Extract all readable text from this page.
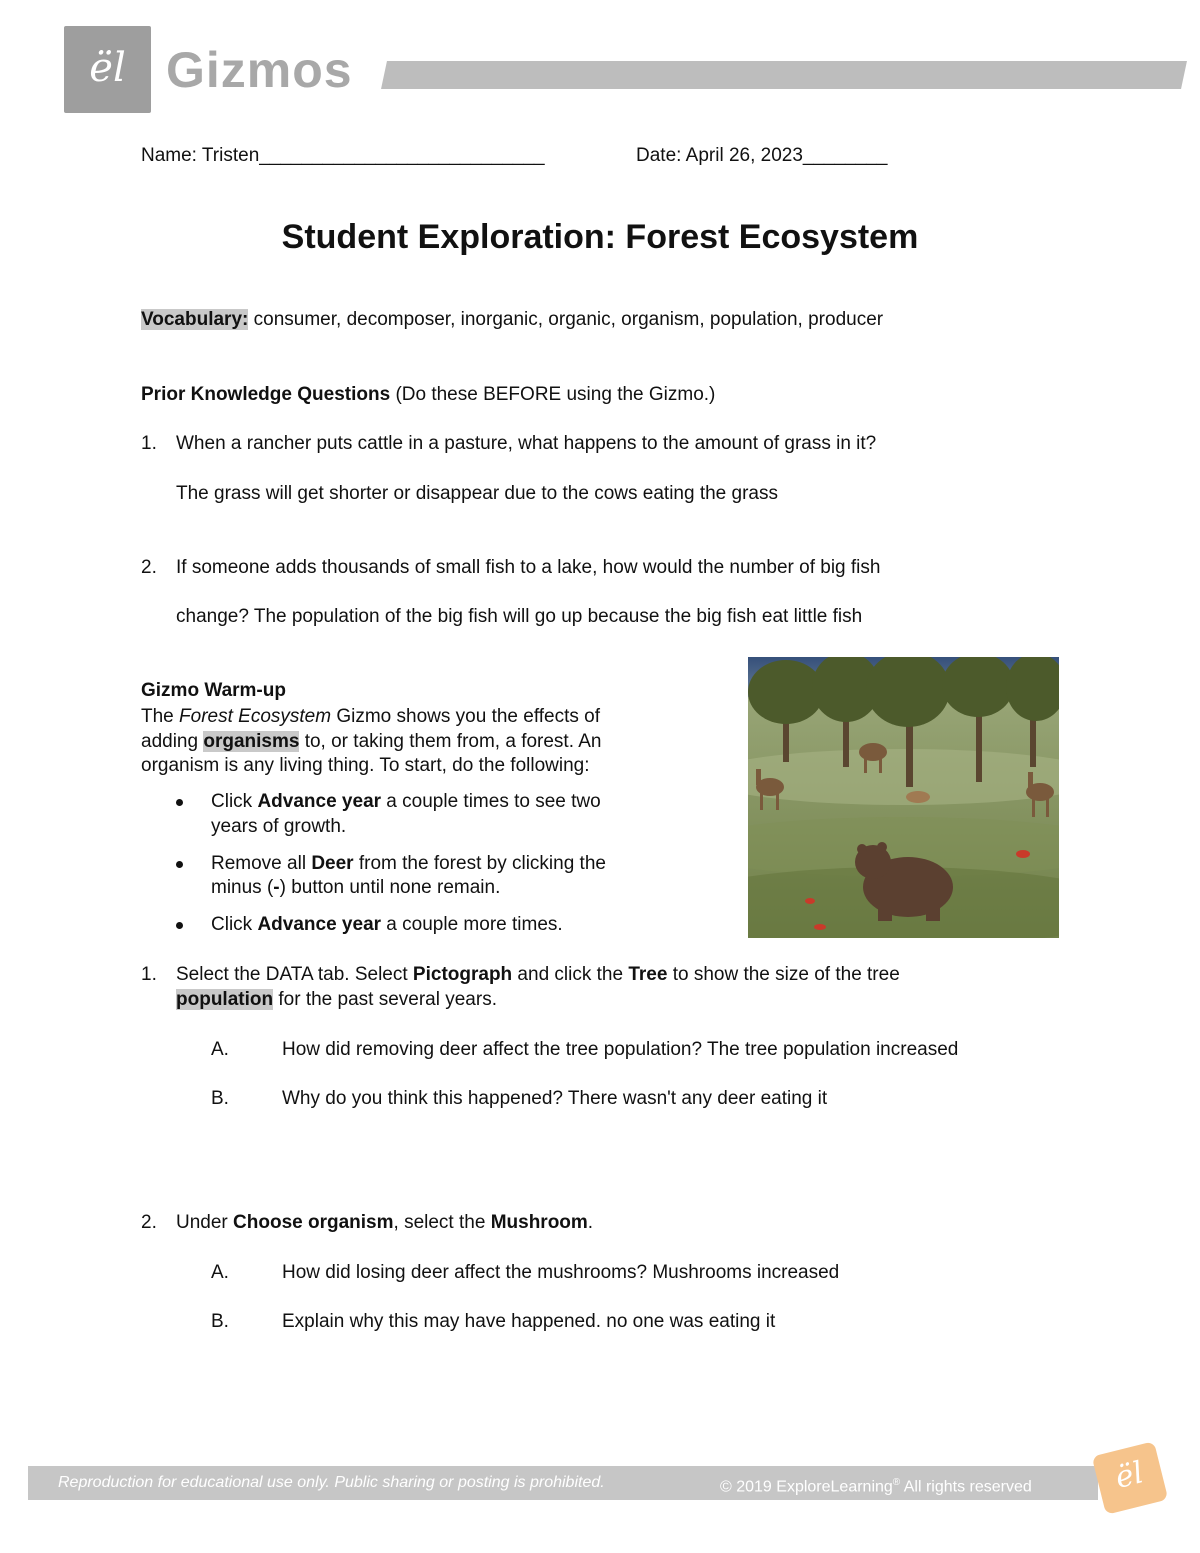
ël Gizmos
Name: Tristen___________________________	Date: April 26, 2023________
Student Exploration: Forest Ecosystem
Vocabulary: consumer, decomposer, inorganic, organic, organism, population, producer
Prior Knowledge Questions (Do these BEFORE using the Gizmo.)
1. When a rancher puts cattle in a pasture, what happens to the amount of grass in it?
The grass will get shorter or disappear due to the cows eating the grass
2. If someone adds thousands of small fish to a lake, how would the number of big fish
change? The population of the big fish will go up because the big fish eat little fish
Gizmo Warm-up
The Forest Ecosystem Gizmo shows you the effects of
adding organisms to, or taking them from, a forest. An
organism is any living thing. To start, do the following:
Click Advance year a couple times to see two
years of growth.
Remove all Deer from the forest by clicking the
minus (-) button until none remain.
Click Advance year a couple more times.
1. Select the DATA tab. Select Pictograph and click the Tree to show the size of the tree
population for the past several years.
A.	How did removing deer affect the tree population? The tree population increased
B.	Why do you think this happened? There wasn't any deer eating it
2. Under Choose organism, select the Mushroom.
A.	How did losing deer affect the mushrooms? Mushrooms increased
B.	Explain why this may have happened. no one was eating it
Reproduction for educational use only. Public sharing or posting is prohibited.	© 2019 ExploreLearning® All rights reserved	ël
